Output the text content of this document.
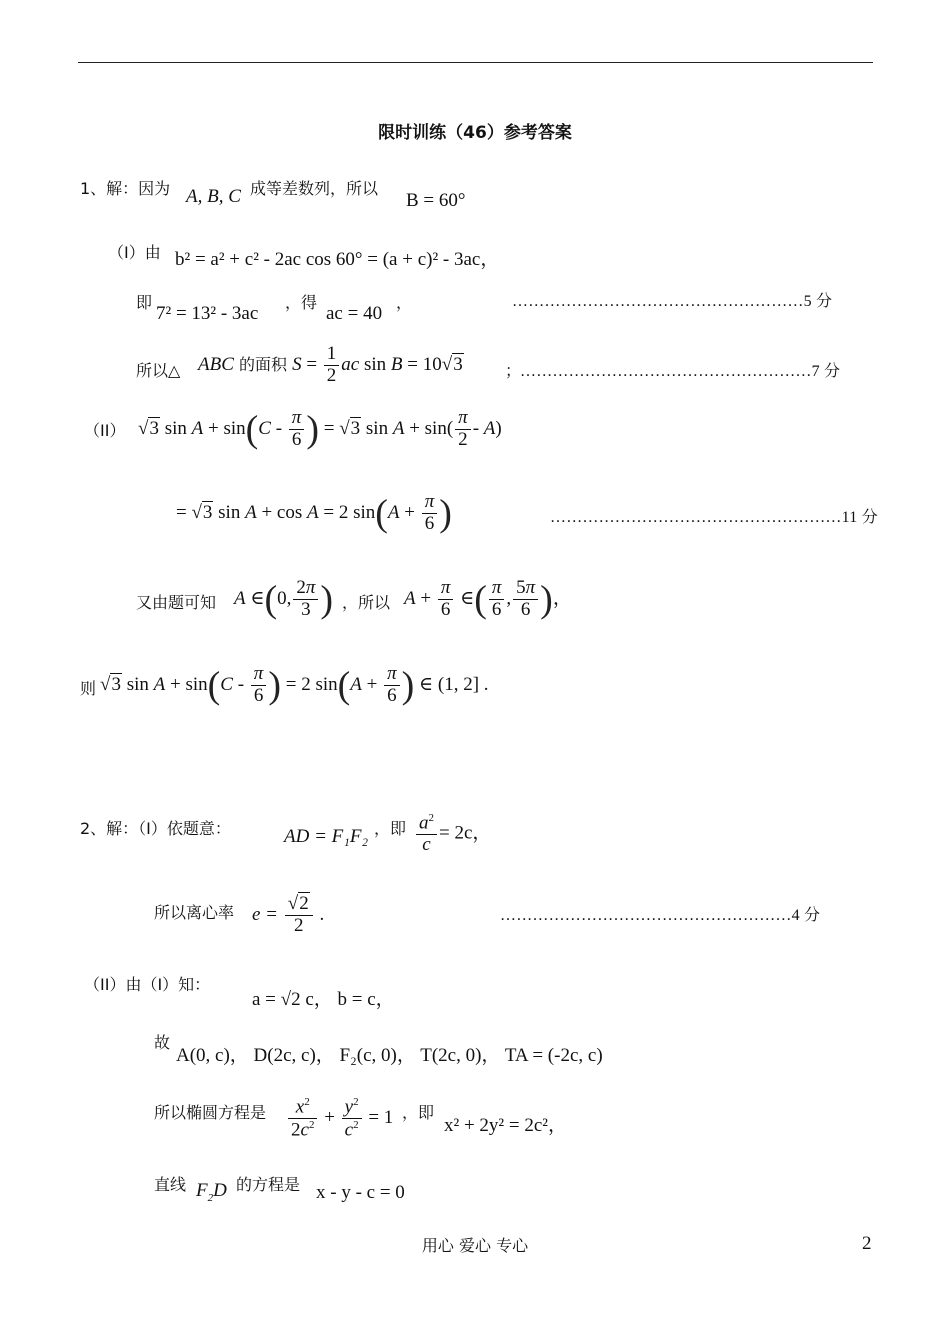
限时训练（46）参考答案
1、解：因为 A, B, C 成等差数列，所以
B = 60°
（I）由 b² = a² + c² - 2ac cos 60° = (a + c)² - 3ac，
即
7² = 13² - 3ac
，得
ac = 40
，	………………………………………………5 分
所以△ ABC 的面积 $S = \frac{1}{2}$ ac sin B = 10√3	；
………………………………………………7 分
（II） √3 $\sin A + \sin(C - \frac{\pi}{6}$ ) = √3 $\sin A + \sin( \frac{\pi}{2} - A)$
= √3 sin A + cos A = 2 $\sin(A + \frac{\pi}{6}$ )	………………………………………………11 分
又由题可知 A ∈(0, $\frac{2\pi}{3}$ ) ，所以 $A + \frac{\pi}{6}$ ∈( $\frac{\pi}{6}$ , $\frac{5\pi}{6}$ )，
则 √3 $\sin A + \sin(C - \frac{\pi}{6}$ ) = 2 $\sin(A + \frac{\pi}{6}$ ) ∈ (1, 2] .
2、解：（I）依题意：	AD = F₁F₂ ，即 $\frac{a^2}{c} = 2c$，
所以离心率 $e = \frac{√2}{2}$ .	………………………………………………4 分
（II）由（I）知：
a = √2 c， b = c，
故
A(0, c)， D(2c, c)， F₂(c, 0)， T(2c, 0)， TA = (-2c, c)
所以椭圆方程是 $\frac{x^2}{2c^2} + \frac{y^2}{c^2} = 1$ ，即
x² + 2y² = 2c²，
直线 $F_2D$ 的方程是 x - y - c = 0
用心 爱心 专心	2
